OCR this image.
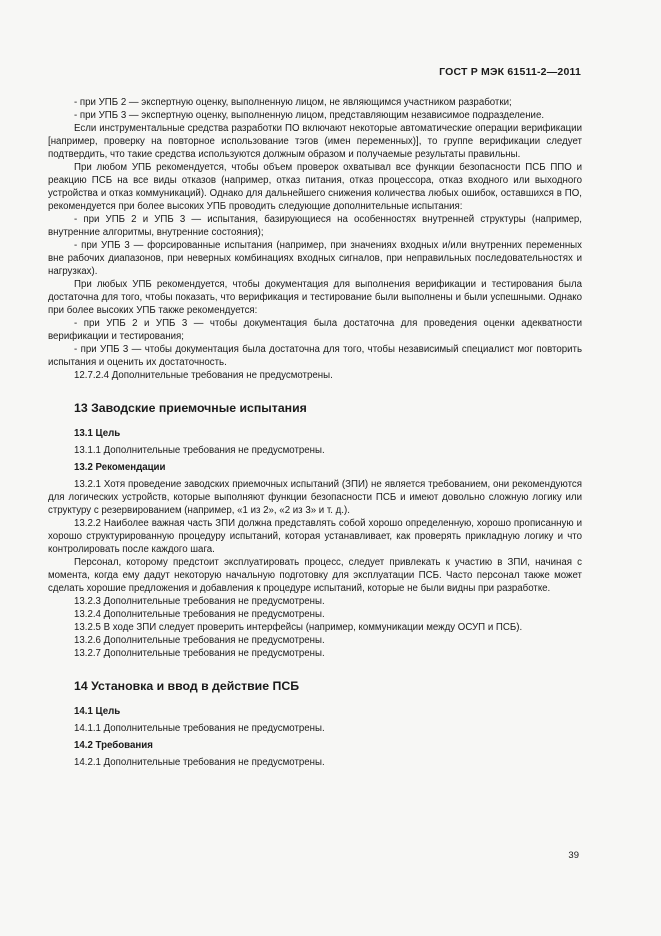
ГОСТ Р МЭК 61511-2—2011

- при УПБ 2 — экспертную оценку, выполненную лицом, не являющимся участником разработки;

- при УПБ 3 — экспертную оценку, выполненную лицом, представляющим независимое подразделение.

Если инструментальные средства разработки ПО включают некоторые автоматические операции верификации [например, проверку на повторное использование тэгов (имен переменных)], то группе верификации следует подтвердить, что такие средства используются должным образом и получаемые результаты правильны.

При любом УПБ рекомендуется, чтобы объем проверок охватывал все функции безопасности ПСБ ППО и реакцию ПСБ на все виды отказов (например, отказ питания, отказ процессора, отказ входного или выходного устройства и отказ коммуникаций). Однако для дальнейшего снижения количества любых ошибок, оставшихся в ПО, рекомендуется при более высоких УПБ проводить следующие дополнительные испытания:

- при УПБ 2 и УПБ 3 — испытания, базирующиеся на особенностях внутренней структуры (например, внутренние алгоритмы, внутренние состояния);

- при УПБ 3 — форсированные испытания (например, при значениях входных и/или внутренних переменных вне рабочих диапазонов, при неверных комбинациях входных сигналов, при неправильных последовательностях и нагрузках).

При любых УПБ рекомендуется, чтобы документация для выполнения верификации и тестирования была достаточна для того, чтобы показать, что верификация и тестирование были выполнены и были успешными. Однако при более высоких УПБ также рекомендуется:

- при УПБ 2 и УПБ 3 — чтобы документация была достаточна для проведения оценки адекватности верификации и тестирования;

- при УПБ 3 — чтобы документация была достаточна для того, чтобы независимый специалист мог повторить испытания и оценить их достаточность.

12.7.2.4 Дополнительные требования не предусмотрены.

13 Заводские приемочные испытания

13.1 Цель

13.1.1 Дополнительные требования не предусмотрены.

13.2 Рекомендации

13.2.1 Хотя проведение заводских приемочных испытаний (ЗПИ) не является требованием, они рекомендуются для логических устройств, которые выполняют функции безопасности ПСБ и имеют довольно сложную логику или структуру с резервированием (например, «1 из 2», «2 из 3» и т. д.).

13.2.2 Наиболее важная часть ЗПИ должна представлять собой хорошо определенную, хорошо прописанную и хорошо структурированную процедуру испытаний, которая устанавливает, как проверять прикладную логику и что контролировать после каждого шага.

Персонал, которому предстоит эксплуатировать процесс, следует привлекать к участию в ЗПИ, начиная с момента, когда ему дадут некоторую начальную подготовку для эксплуатации ПСБ. Часто персонал также может сделать хорошие предложения и добавления к процедуре испытаний, которые не были видны при разработке.

13.2.3 Дополнительные требования не предусмотрены.

13.2.4 Дополнительные требования не предусмотрены.

13.2.5 В ходе ЗПИ следует проверить интерфейсы (например, коммуникации между ОСУП и ПСБ).

13.2.6 Дополнительные требования не предусмотрены.

13.2.7 Дополнительные требования не предусмотрены.

14 Установка и ввод в действие ПСБ

14.1 Цель

14.1.1 Дополнительные требования не предусмотрены.

14.2 Требования

14.2.1 Дополнительные требования не предусмотрены.

39
